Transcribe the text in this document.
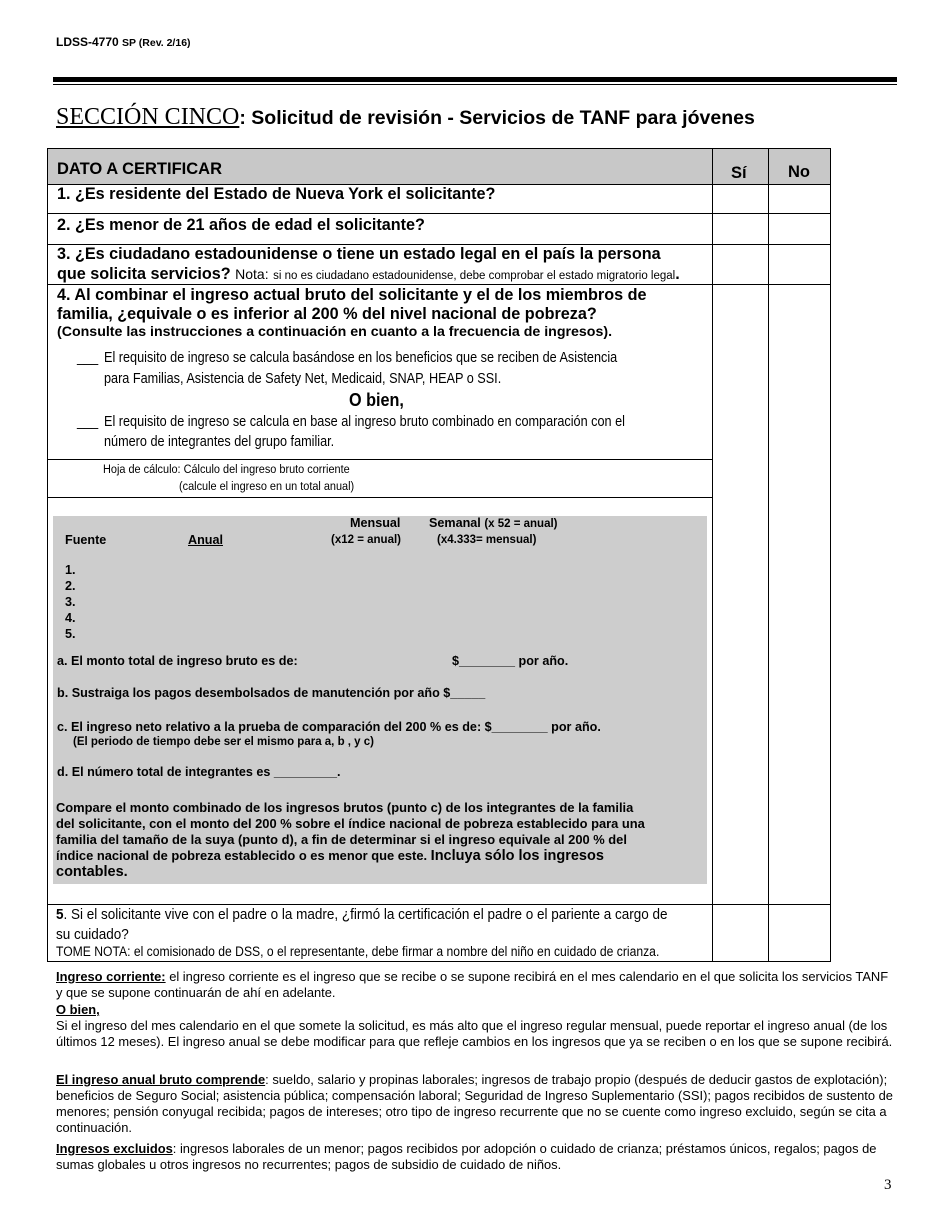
LDSS-4770 SP (Rev. 2/16)
SECCIÓN CINCO: Solicitud de revisión - Servicios de TANF para jóvenes
DATO A CERTIFICAR	Sí	No
1. ¿Es residente del Estado de Nueva York el solicitante?
2. ¿Es menor de 21 años de edad el solicitante?
3. ¿Es ciudadano estadounidense o tiene un estado legal en el país la persona
que solicita servicios? Nota: si no es ciudadano estadounidense, debe comprobar el estado migratorio legal.
4. Al combinar el ingreso actual bruto del solicitante y el de los miembros de
familia, ¿equivale o es inferior al 200 % del nivel nacional de pobreza?
(Consulte las instrucciones a continuación en cuanto a la frecuencia de ingresos).
___ El requisito de ingreso se calcula basándose en los beneficios que se reciben de Asistencia
para Familias, Asistencia de Safety Net, Medicaid, SNAP, HEAP o SSI.
O bien,
___ El requisito de ingreso se calcula en base al ingreso bruto combinado en comparación con el
número de integrantes del grupo familiar.
Hoja de cálculo: Cálculo del ingreso bruto corriente
(calcule el ingreso en un total anual)
Mensual Semanal (x 52 = anual)
Fuente	Anual	(x12 = anual)	(x4.333= mensual)
1.
2.
3.
4.
5.
a. El monto total de ingreso bruto es de:	$________ por año.
b. Sustraiga los pagos desembolsados de manutención por año $_____
c. El ingreso neto relativo a la prueba de comparación del 200 % es de: $________ por año.
(El periodo de tiempo debe ser el mismo para a, b , y c)
d. El número total de integrantes es _________.
Compare el monto combinado de los ingresos brutos (punto c) de los integrantes de la familia
del solicitante, con el monto del 200 % sobre el índice nacional de pobreza establecido para una
familia del tamaño de la suya (punto d), a fin de determinar si el ingreso equivale al 200 % del
índice nacional de pobreza establecido o es menor que este. Incluya sólo los ingresos
contables.
5. Si el solicitante vive con el padre o la madre, ¿firmó la certificación el padre o el pariente a cargo de
su cuidado?
TOME NOTA: el comisionado de DSS, o el representante, debe firmar a nombre del niño en cuidado de crianza.
Ingreso corriente: el ingreso corriente es el ingreso que se recibe o se supone recibirá en el mes calendario en el que solicita los servicios TANF y que se supone continuarán de ahí en adelante.
O bien,
Si el ingreso del mes calendario en el que somete la solicitud, es más alto que el ingreso regular mensual, puede reportar el ingreso anual (de los últimos 12 meses). El ingreso anual se debe modificar para que refleje cambios en los ingresos que ya se reciben o en los que se supone recibirá.
El ingreso anual bruto comprende: sueldo, salario y propinas laborales; ingresos de trabajo propio (después de deducir gastos de explotación); beneficios de Seguro Social; asistencia pública; compensación laboral; Seguridad de Ingreso Suplementario (SSI); pagos recibidos de sustento de menores; pensión conyugal recibida; pagos de intereses; otro tipo de ingreso recurrente que no se cuente como ingreso excluido, según se cita a continuación.
Ingresos excluidos: ingresos laborales de un menor; pagos recibidos por adopción o cuidado de crianza; préstamos únicos, regalos; pagos de sumas globales u otros ingresos no recurrentes; pagos de subsidio de cuidado de niños.
3
